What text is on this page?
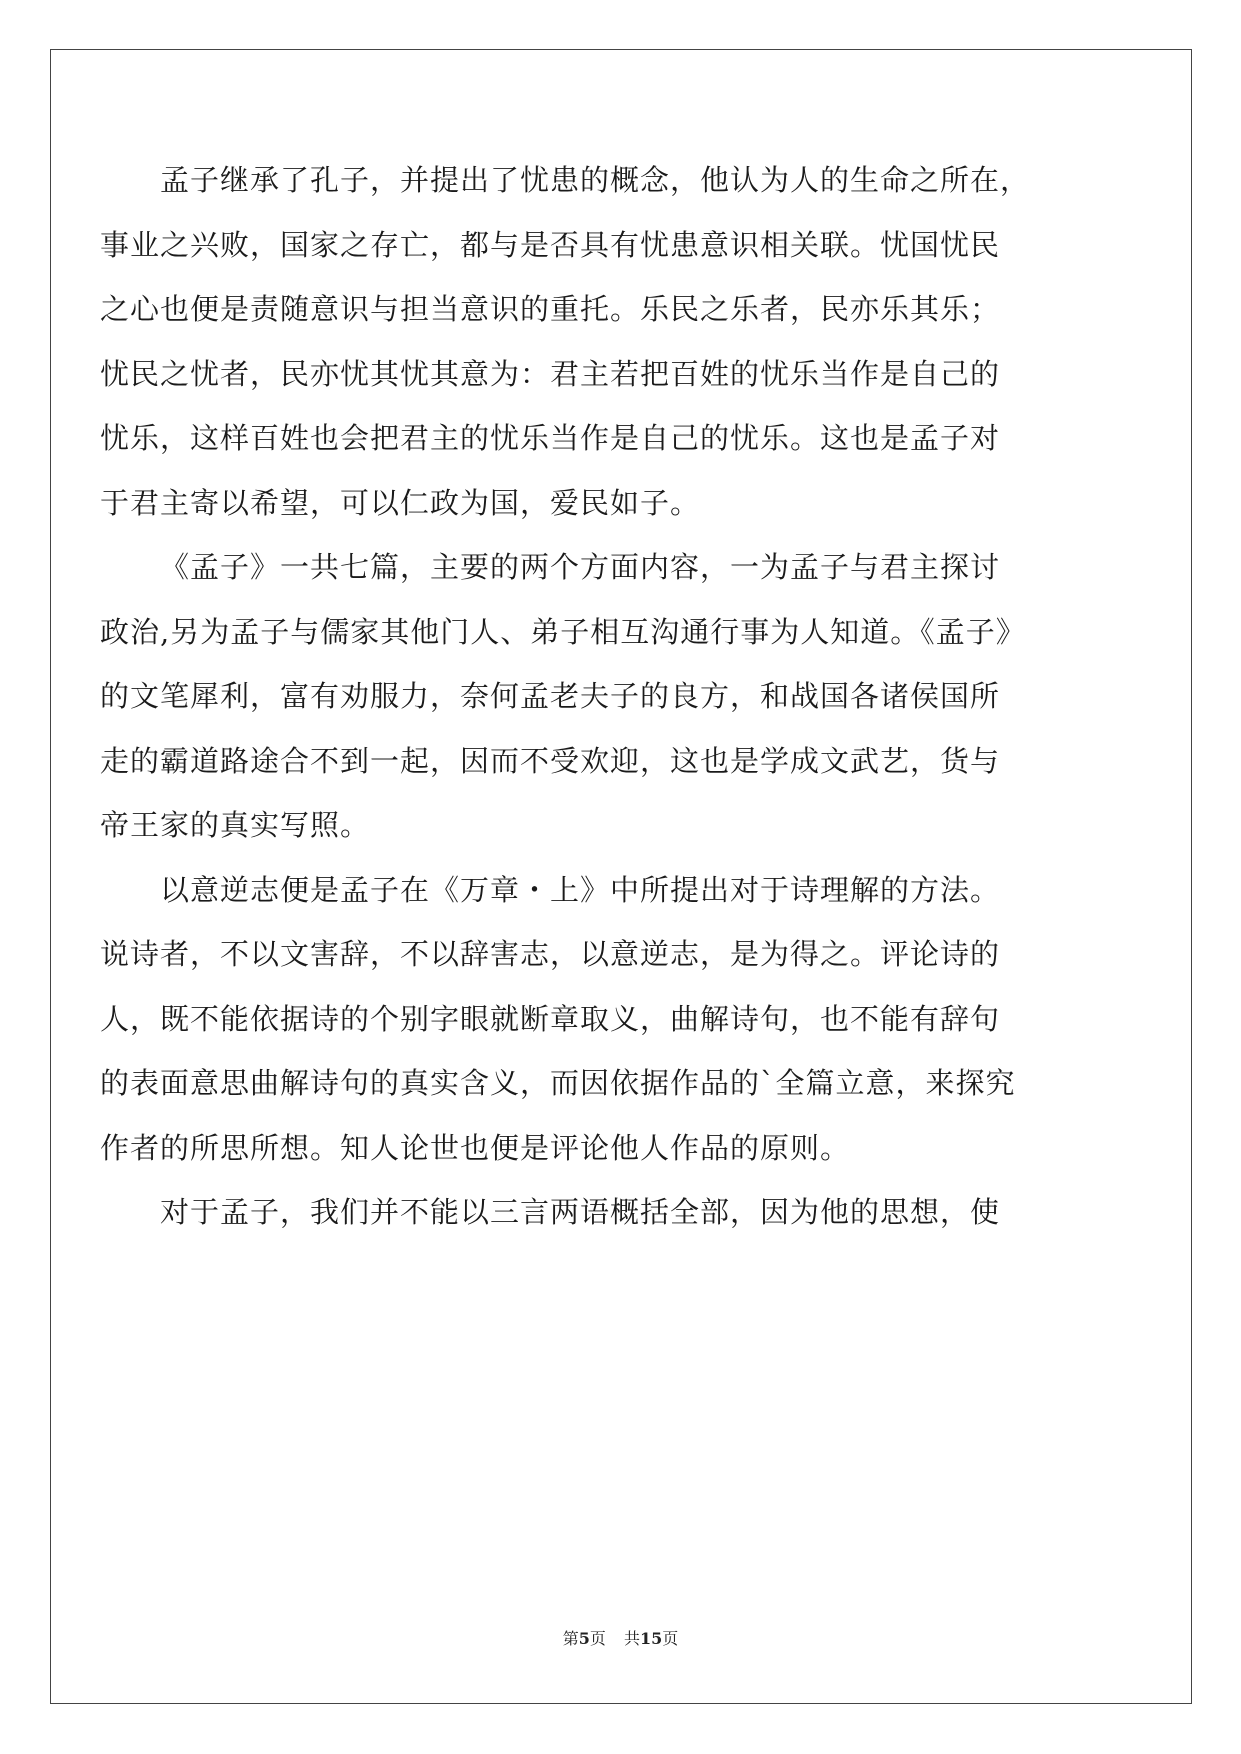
孟子继承了孔子，并提出了忧患的概念，他认为人的生命之所在，
事业之兴败，国家之存亡，都与是否具有忧患意识相关联。忧国忧民
之心也便是责随意识与担当意识的重托。乐民之乐者，民亦乐其乐；
忧民之忧者，民亦忧其忧其意为：君主若把百姓的忧乐当作是自己的
忧乐，这样百姓也会把君主的忧乐当作是自己的忧乐。这也是孟子对
于君主寄以希望，可以仁政为国，爱民如子。
《孟子》一共七篇，主要的两个方面内容，一为孟子与君主探讨
政治,另为孟子与儒家其他门人、弟子相互沟通行事为人知道。《孟子》
的文笔犀利，富有劝服力，奈何孟老夫子的良方，和战国各诸侯国所
走的霸道路途合不到一起，因而不受欢迎，这也是学成文武艺，货与
帝王家的真实写照。
以意逆志便是孟子在《万章・上》中所提出对于诗理解的方法。
说诗者，不以文害辞，不以辞害志，以意逆志，是为得之。评论诗的
人，既不能依据诗的个别字眼就断章取义，曲解诗句，也不能有辞句
的表面意思曲解诗句的真实含义，而因依据作品的`全篇立意，来探究
作者的所思所想。知人论世也便是评论他人作品的原则。
对于孟子，我们并不能以三言两语概括全部，因为他的思想，使
第5页 共15页
